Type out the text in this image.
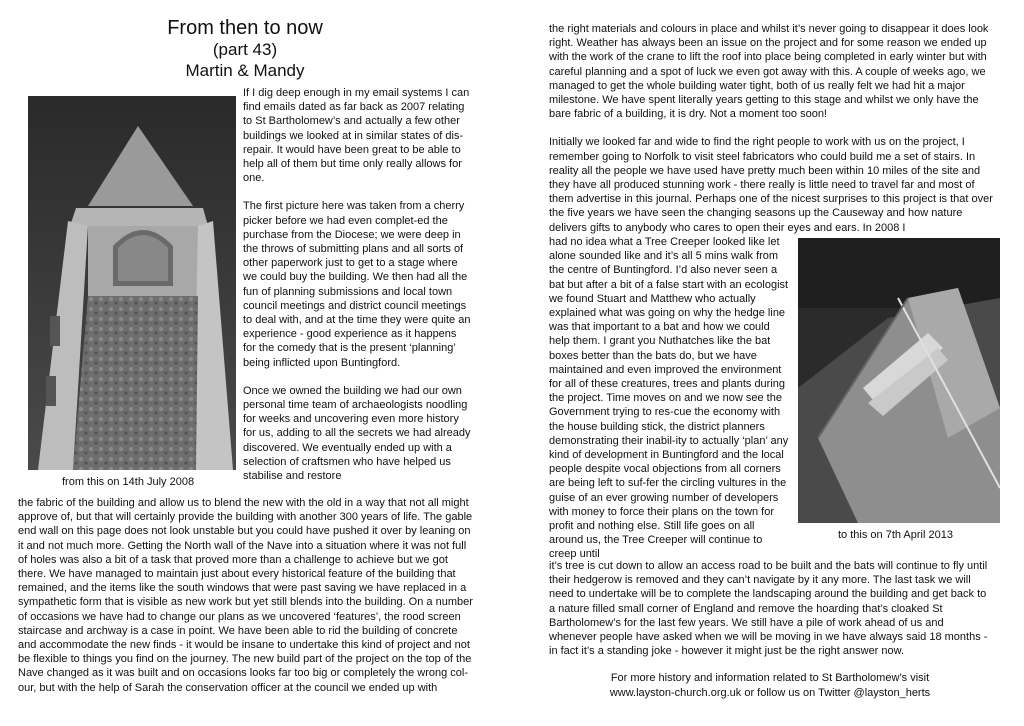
From then to now
(part 43)
Martin & Mandy
from this on 14th July 2008

If I dig deep enough in my email systems I can find emails dated as far back as 2007 relating to St Bartholomew’s and actually a few other buildings we looked at in similar states of dis-repair. It would have been great to be able to help all of them but time only really allows for one.

The first picture here was taken from a cherry picker before we had even complet-ed the purchase from the Diocese; we were deep in the throws of submitting plans and all sorts of other paperwork just to get to a stage where we could buy the building. We then had all the fun of planning submissions and local town council meetings and district council meetings to deal with, and at the time they were quite an experience - good experience as it happens for the comedy that is the present ‘planning’ being inflicted upon Buntingford.

Once we owned the building we had our own personal time team of archaeologists noodling for weeks and uncovering even more history for us, adding to all the secrets we had already discovered. We eventually ended up with a selection of craftsmen who have helped us stabilise and restore

the fabric of the building and allow us to blend the new with the old in a way that not all might approve of, but that will certainly provide the building with another 300 years of life. The gable end wall on this page does not look unstable but you could have pushed it over by leaning on it and not much more. Getting the North wall of the Nave into a situation where it was not full of holes was also a bit of a task that proved more than a challenge to achieve but we got there. We have managed to maintain just about every historical feature of the building that remained, and the items like the south windows that were past saving we have replaced in a sympathetic form that is visible as new work but yet still blends into the building. On a number of occasions we have had to change our plans as we uncovered ‘features’, the rood screen staircase and archway is a case in point. We have been able to rid the building of concrete and accommodate the new finds - it would be insane to undertake this kind of project and not be flexible to things you find on the journey. The new build part of the project on the top of the Nave changed as it was built and on occasions looks far too big or completely the wrong col-our, but with the help of Sarah the conservation officer at the council we ended up with

the right materials and colours in place and whilst it’s never going to disappear it does look right. Weather has always been an issue on the project and for some reason we ended up with the work of the crane to lift the roof into place being completed in early winter but with careful planning and a spot of luck we even got away with this. A couple of weeks ago, we managed to get the whole building water tight, both of us really felt we had hit a major milestone. We have spent literally years getting to this stage and whilst we only have the bare fabric of a building, it is dry. Not a moment too soon!

Initially we looked far and wide to find the right people to work with us on the project, I remember going to Norfolk to visit steel fabricators who could build me a set of stairs. In reality all the people we have used have pretty much been within 10 miles of the site and they have all produced stunning work - there really is little need to travel far and most of them advertise in this journal. Perhaps one of the nicest surprises to this project is that over the five years we have seen the changing seasons up the Causeway and how nature delivers gifts to anybody who cares to open their eyes and ears. In 2008 I

had no idea what a Tree Creeper looked like let alone sounded like and it’s all 5 mins walk from the centre of Buntingford. I’d also never seen a bat but after a bit of a false start with an ecologist we found Stuart and Matthew who actually explained what was going on why the hedge line was that important to a bat and how we could help them. I grant you Nuthatches like the bat boxes better than the bats do, but we have maintained and even improved the environment for all of these creatures, trees and plants during the project. Time moves on and we now see the Government trying to res-cue the economy with the house building stick, the district planners demonstrating their inabil-ity to actually ‘plan’ any kind of development in Buntingford and the local people despite vocal objections from all corners are being left to suf-fer the circling vultures in the guise of an ever growing number of developers with money to force their plans on the town for profit and nothing else. Still life goes on all around us, the Tree Creeper will continue to creep until

to this on 7th April 2013

it’s tree is cut down to allow an access road to be built and the bats will continue to fly until their hedgerow is removed and they can’t navigate by it any more. The last task we will need to undertake will be to complete the landscaping around the building and get back to a nature filled small corner of England and remove the hoarding that’s cloaked St Bartholomew’s for the last few years. We still have a pile of work ahead of us and whenever people have asked when we will be moving in we have always said 18 months - in fact it’s a standing joke - however it might just be the right answer now.

For more history and information related to St Bartholomew’s visit
www.layston-church.org.uk or follow us on Twitter @layston_herts
